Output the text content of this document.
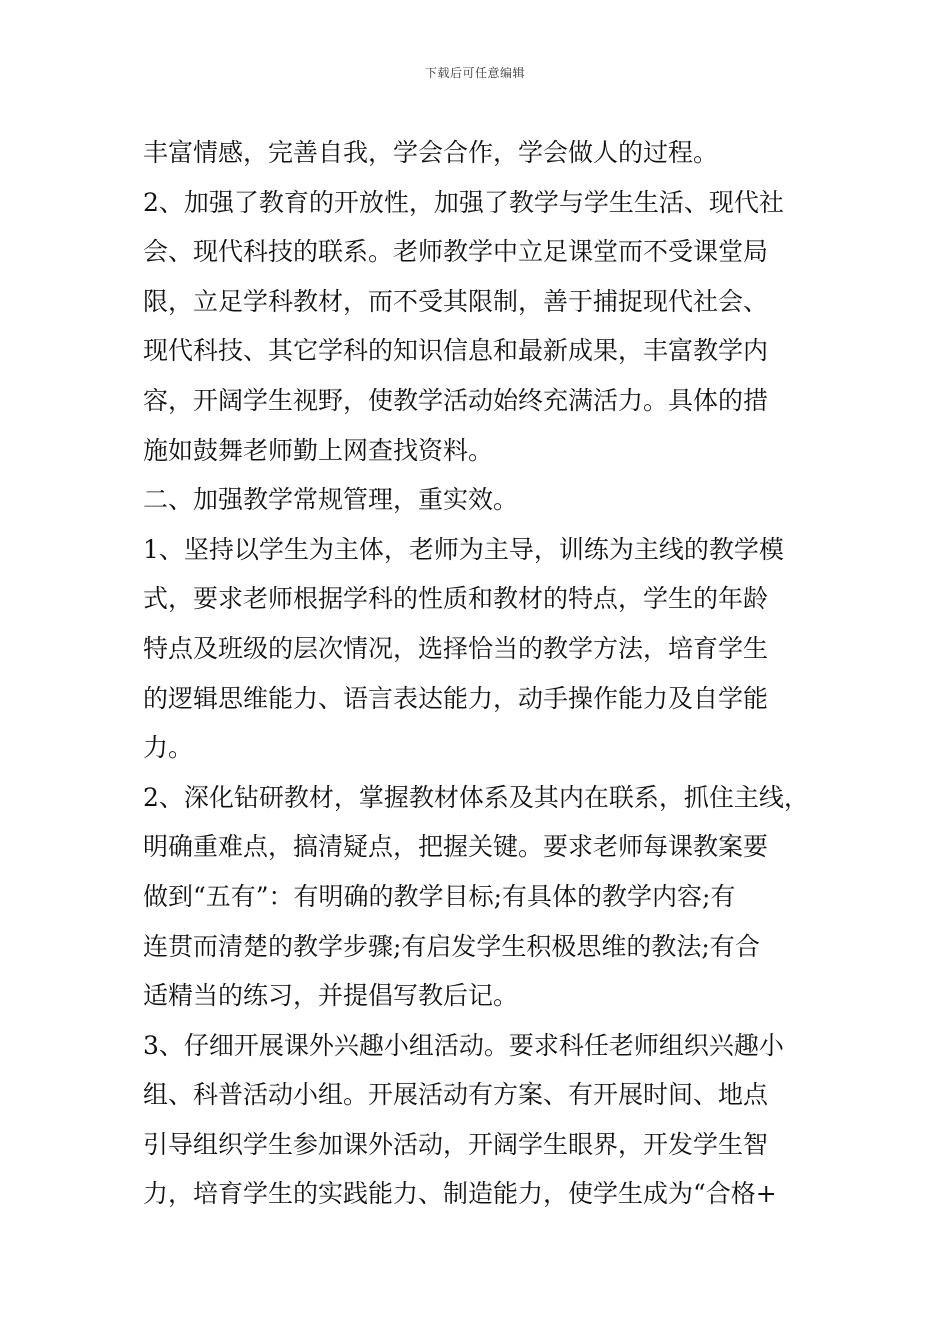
下载后可任意编辑
丰富情感，完善自我，学会合作，学会做人的过程。
2、加强了教育的开放性，加强了教学与学生生活、现代社
会、现代科技的联系。老师教学中立足课堂而不受课堂局
限，立足学科教材，而不受其限制，善于捕捉现代社会、
现代科技、其它学科的知识信息和最新成果，丰富教学内
容，开阔学生视野，使教学活动始终充满活力。具体的措
施如鼓舞老师勤上网查找资料。
二、加强教学常规管理，重实效。
1、坚持以学生为主体，老师为主导，训练为主线的教学模
式，要求老师根据学科的性质和教材的特点，学生的年龄
特点及班级的层次情况，选择恰当的教学方法，培育学生
的逻辑思维能力、语言表达能力，动手操作能力及自学能
力。
2、深化钻研教材，掌握教材体系及其内在联系，抓住主线，
明确重难点，搞清疑点，把握关键。要求老师每课教案要
做到“五有”：有明确的教学目标;有具体的教学内容;有
连贯而清楚的教学步骤;有启发学生积极思维的教法;有合
适精当的练习，并提倡写教后记。
3、仔细开展课外兴趣小组活动。要求科任老师组织兴趣小
组、科普活动小组。开展活动有方案、有开展时间、地点
引导组织学生参加课外活动，开阔学生眼界，开发学生智
力，培育学生的实践能力、制造能力，使学生成为“合格+
